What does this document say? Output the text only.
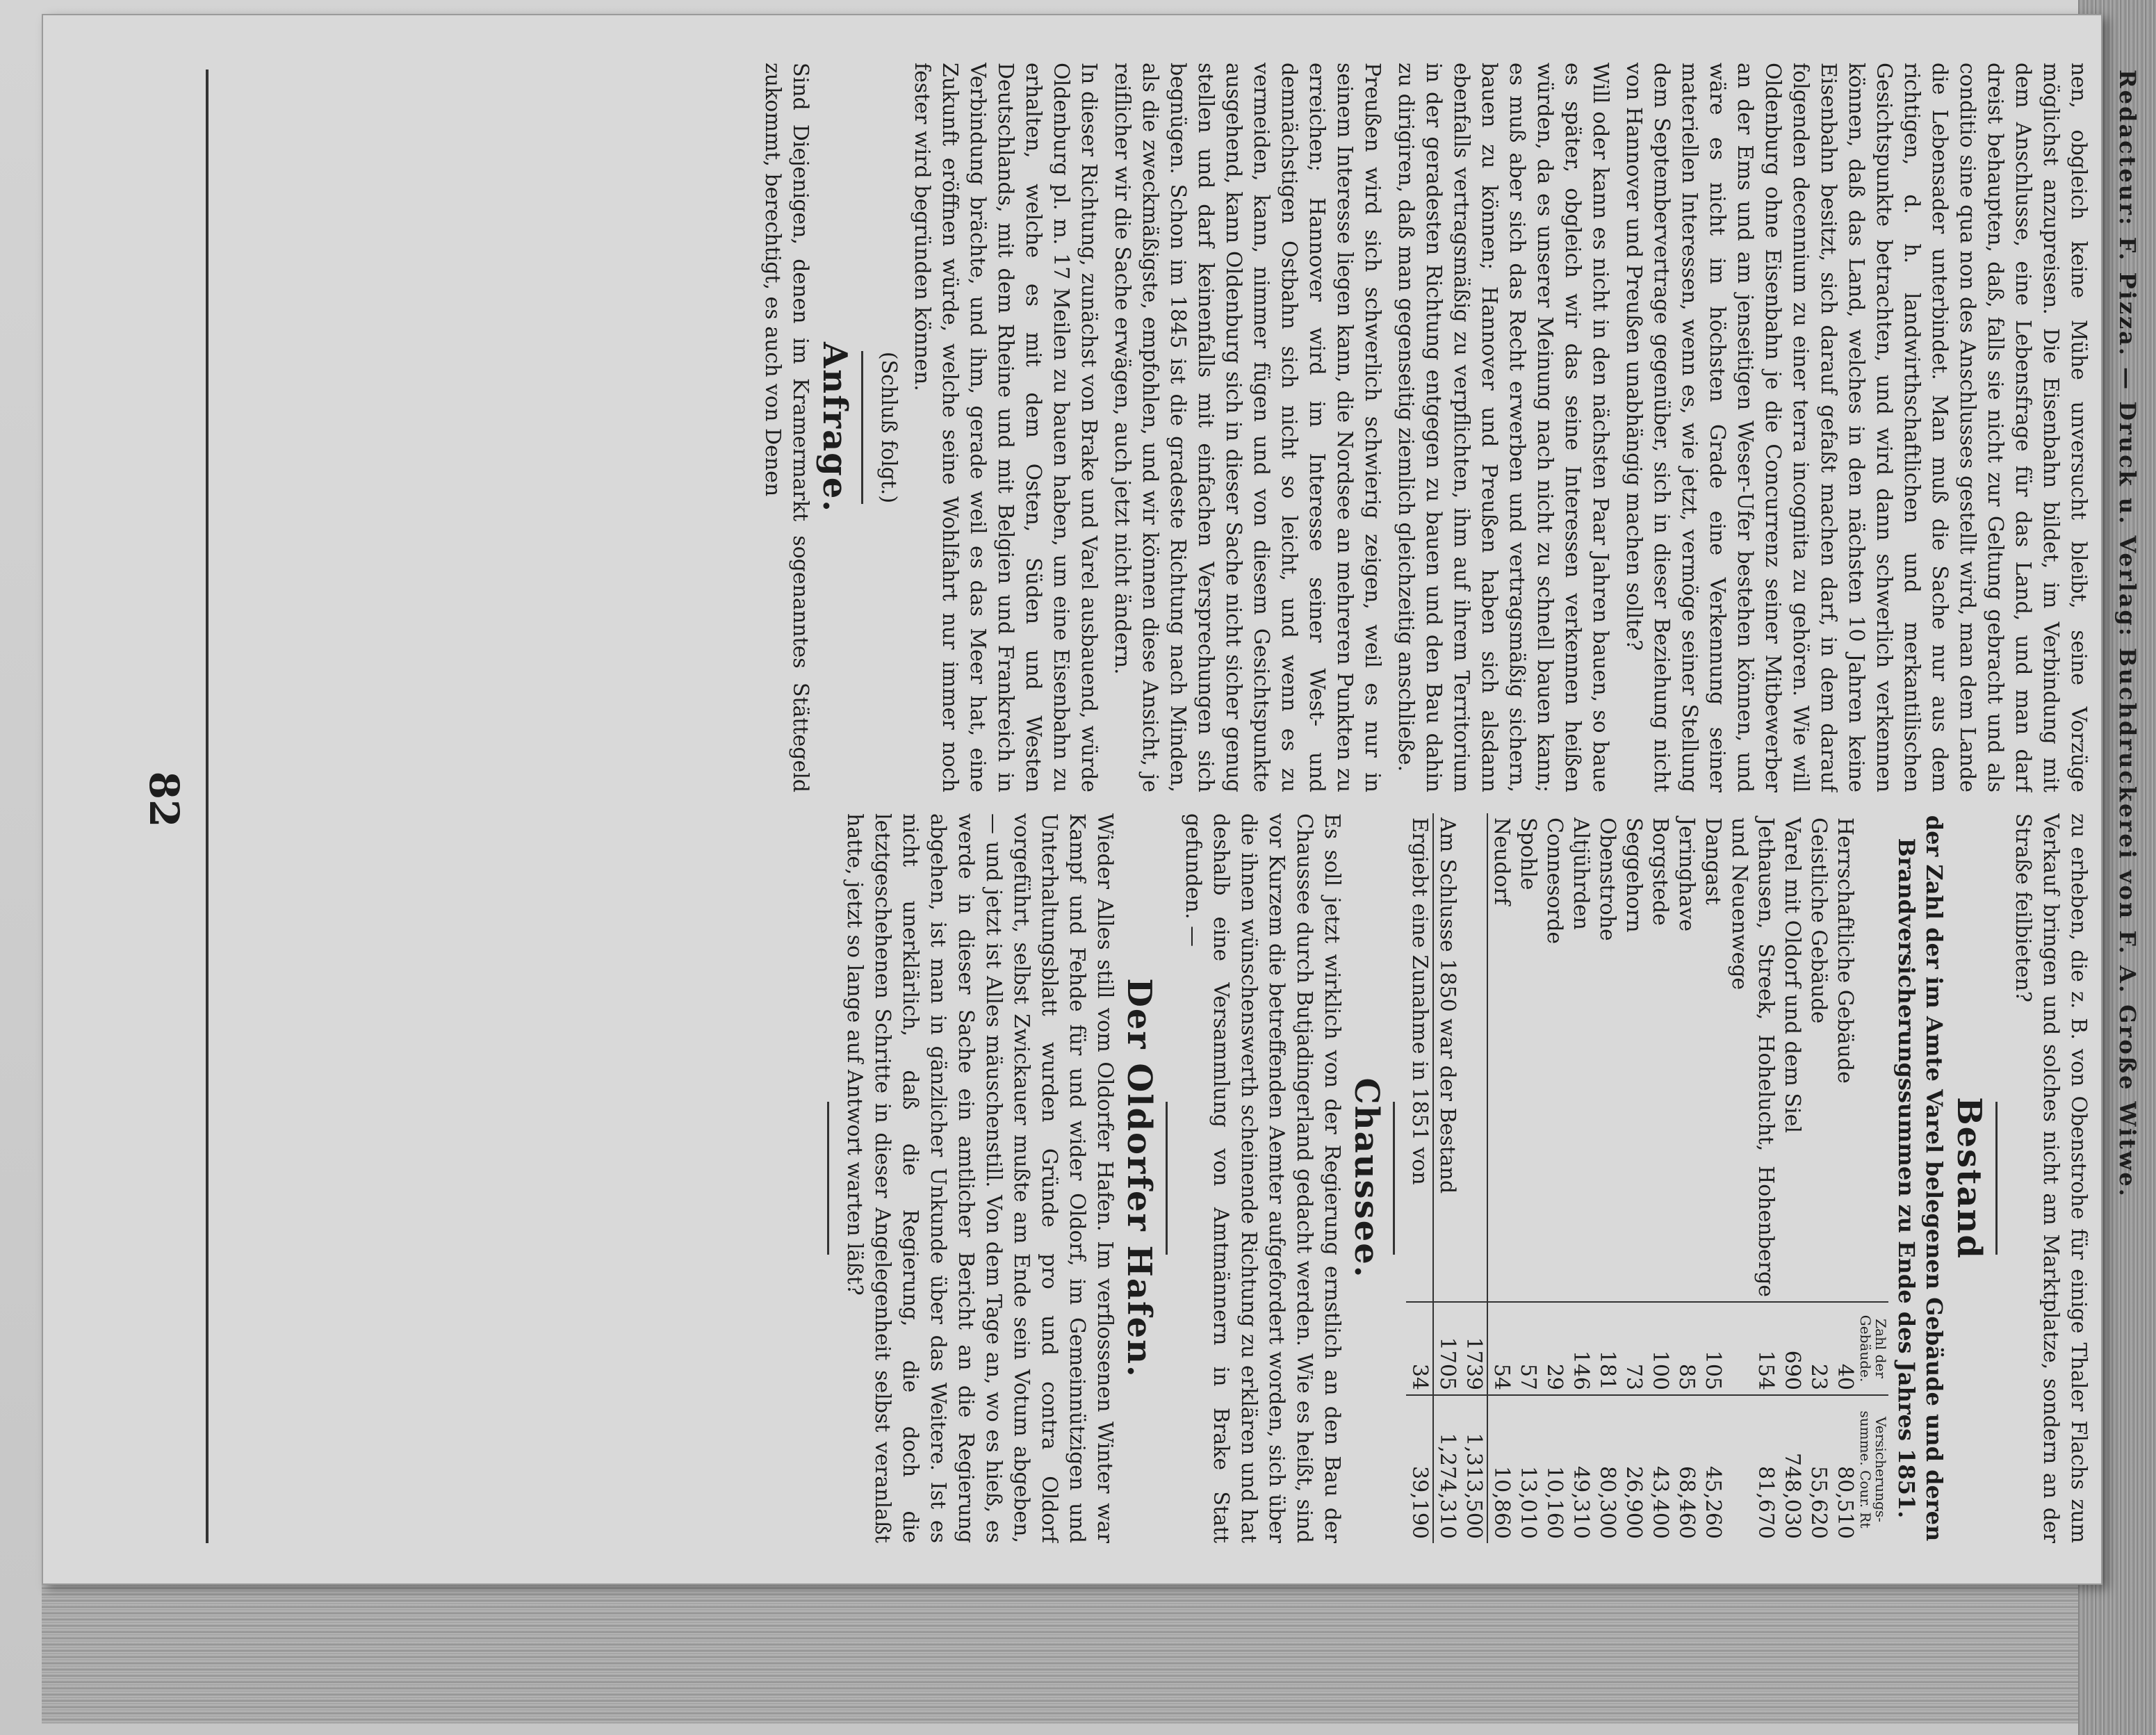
Redacteur: F. Pizza. — Druck u. Verlag: Buchdruckerei von F. A. Große Witwe.
82

nen, obgleich keine Mühe unversucht bleibt, seine Vorzüge möglichst anzupreisen. Die Eisenbahn bildet, im Verbindung mit dem Anschlusse, eine Lebensfrage für das Land, und man darf dreist behaupten, daß, falls sie nicht zur Geltung gebracht und als conditio sine qua non des Anschlusses gestellt wird, man dem Lande die Lebensader unterbindet. Man muß die Sache nur aus dem richtigen, d. h. landwirthschaftlichen und merkantilischen Gesichtspunkte betrachten, und wird dann schwerlich verkennen können, daß das Land, welches in den nächsten 10 Jahren keine Eisenbahn besitzt, sich darauf gefaßt machen darf, in dem darauf folgenden decennium zu einer terra incognita zu gehören. Wie will Oldenburg ohne Eisenbahn je die Concurrenz seiner Mitbewerber an der Ems und am jenseitigen Weser-Ufer bestehen können, und wäre es nicht im höchsten Grade eine Verkennung seiner materiellen Interessen, wenn es, wie jetzt, vermöge seiner Stellung dem Septembervertrage gegenüber, sich in dieser Beziehung nicht von Hannover und Preußen unabhängig machen sollte?

Will oder kann es nicht in den nächsten Paar Jahren bauen, so baue es später, obgleich wir das seine Interessen verkennen heißen würden, da es unserer Meinung nach nicht zu schnell bauen kann; es muß aber sich das Recht erwerben und vertragsmäßig sichern, bauen zu können; Hannover und Preußen haben sich alsdann ebenfalls vertragsmäßig zu verpflichten, ihm auf ihrem Territorium in der geradesten Richtung entgegen zu bauen und den Bau dahin zu dirigiren, daß man gegenseitig ziemlich gleichzeitig anschließe.

Preußen wird sich schwerlich schwierig zeigen, weil es nur in seinem Interesse liegen kann, die Nordsee an mehreren Punkten zu erreichen; Hannover wird im Interesse seiner West- und demnächstigen Ostbahn sich nicht so leicht, und wenn es zu vermeiden, kann, nimmer fügen und von diesem Gesichtspunkte ausgehend, kann Oldenburg sich in dieser Sache nicht sicher genug stellen und darf keinenfalls mit einfachen Versprechungen sich begnügen. Schon im 1845 ist die gradeste Richtung nach Minden, als die zweckmäßigste, empfohlen, und wir können diese Ansicht, je reiflicher wir die Sache erwägen, auch jetzt nicht ändern.

In dieser Richtung, zunächst von Brake und Varel ausbauend, würde Oldenburg pl. m. 17 Meilen zu bauen haben, um eine Eisenbahn zu erhalten, welche es mit dem Osten, Süden und Westen Deutschlands, mit dem Rheine und mit Belgien und Frankreich in Verbindung brächte, und ihm, gerade weil es das Meer hat, eine Zukunft eröffnen würde, welche seine Wohlfahrt nur immer noch fester wird begründen können.

(Schluß folgt.)
Anfrage.

Sind Diejenigen, denen im Kramermarkt sogenanntes Stättegeld zukommt, berechtigt, es auch von Denen

zu erheben, die z. B. von Obenstrohe für einige Thaler Flachs zum Verkauf bringen und solches nicht am Marktplatze, sondern an der Straße feilbieten?

Bestand
der Zahl der im Amte Varel belegenen Gebäude und deren Brandversicherungssummen zu Ende des Jahres 1851.
	Zahl der Gebäude.	Versicherungs-summe. Cour. Rt
Herrschaftliche Gebäude	40	80,510
Geistliche Gebäude	23	55,620
Varel mit Oldorf und dem Siel	690	748,030
Jethausen, Streek, Hohelucht, Hohenberge und Neuenwege	154	81,670
Dangast	105	45,260
Jeringhave	85	68,460
Borgstede	100	43,400
Seggehorn	73	26,900
Obenstrohe	181	80,300
Altjührden	146	49,310
Connesorde	29	10,160
Spohle	57	13,010
Neudorf	54	10,860
	1739	1,313,500
Am Schlusse 1850 war der Bestand	1705	1,274,310
Ergiebt eine Zunahme in 1851 von	34	39,190
Chaussee.

Es soll jetzt wirklich von der Regierung ernstlich an den Bau der Chaussee durch Butjadingerland gedacht werden. Wie es heißt, sind vor Kurzem die betreffenden Aemter aufgefordert worden, sich über die ihnen wünschenswerth scheinende Richtung zu erklären und hat deshalb eine Versammlung von Amtmännern in Brake Statt gefunden. —

Der Oldorfer Hafen.

Wieder Alles still vom Oldorfer Hafen. Im verflossenen Winter war Kampf und Fehde für und wider Oldorf, im Gemeinnützigen und Unterhaltungsblatt wurden Gründe pro und contra Oldorf vorgeführt, selbst Zwickauer mußte am Ende sein Votum abgeben, — und jetzt ist Alles mäuschenstill. Von dem Tage an, wo es hieß, es werde in dieser Sache ein amtlicher Bericht an die Regierung abgehen, ist man in gänzlicher Unkunde über das Weitere. Ist es nicht unerklärlich, daß die Regierung, die doch die letztgeschehenen Schritte in dieser Angelegenheit selbst veranlaßt hatte, jetzt so lange auf Antwort warten läßt?
